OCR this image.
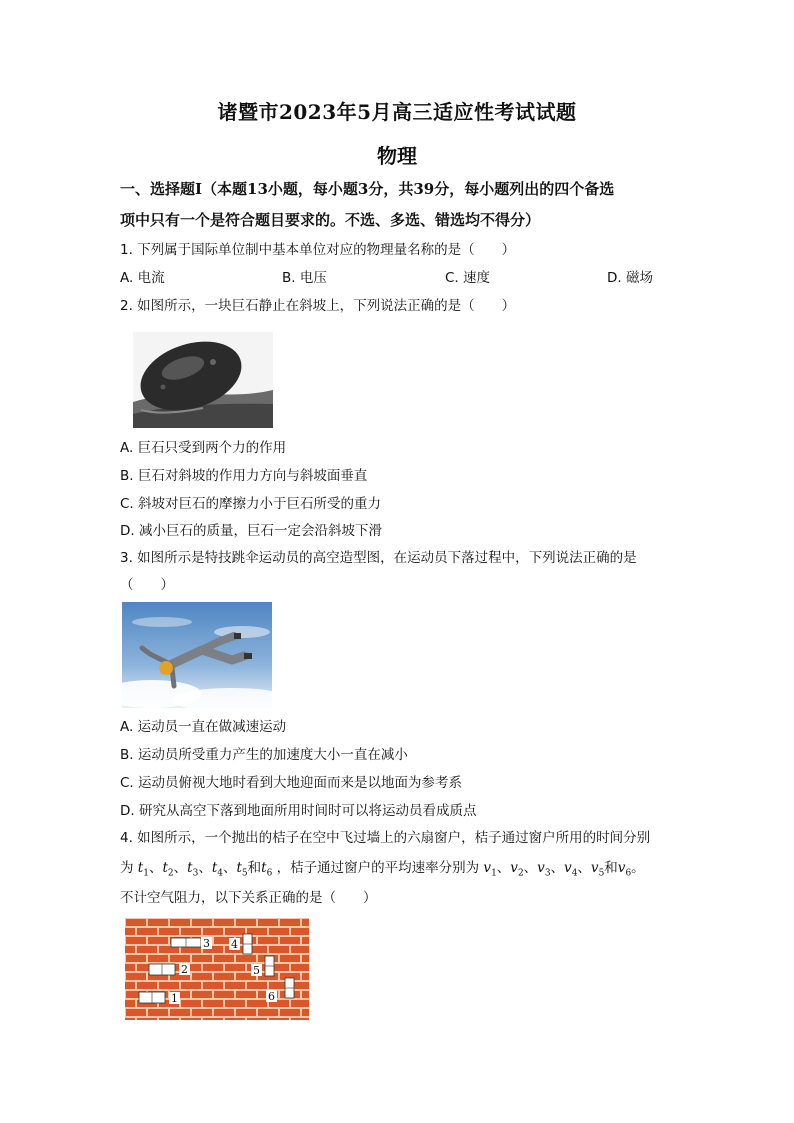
诸暨市2023年5月高三适应性考试试题
物理
一、选择题Ⅰ（本题13小题，每小题3分，共39分，每小题列出的四个备选
项中只有一个是符合题目要求的。不选、多选、错选均不得分）
1. 下列属于国际单位制中基本单位对应的物理量名称的是（　　）
A. 电流	B. 电压	C. 速度	D. 磁场
2. 如图所示，一块巨石静止在斜坡上，下列说法正确的是（　　）
A. 巨石只受到两个力的作用
B. 巨石对斜坡的作用力方向与斜坡面垂直
C. 斜坡对巨石的摩擦力小于巨石所受的重力
D. 减小巨石的质量，巨石一定会沿斜坡下滑
3. 如图所示是特技跳伞运动员的高空造型图，在运动员下落过程中，下列说法正确的是
（　　）
A. 运动员一直在做减速运动
B. 运动员所受重力产生的加速度大小一直在减小
C. 运动员俯视大地时看到大地迎面而来是以地面为参考系
D. 研究从高空下落到地面所用时间时可以将运动员看成质点
4. 如图所示，一个抛出的桔子在空中飞过墙上的六扇窗户，桔子通过窗户所用的时间分别
为 $t_1$、$t_2$、$t_3$、$t_4$、$t_5$和$t_6$ ，桔子通过窗户的平均速率分别为 $v_1$、$v_2$、$v_3$、$v_4$、$v_5$和$v_6$。
不计空气阻力，以下关系正确的是（　　）
1
2
3 4
5
6
